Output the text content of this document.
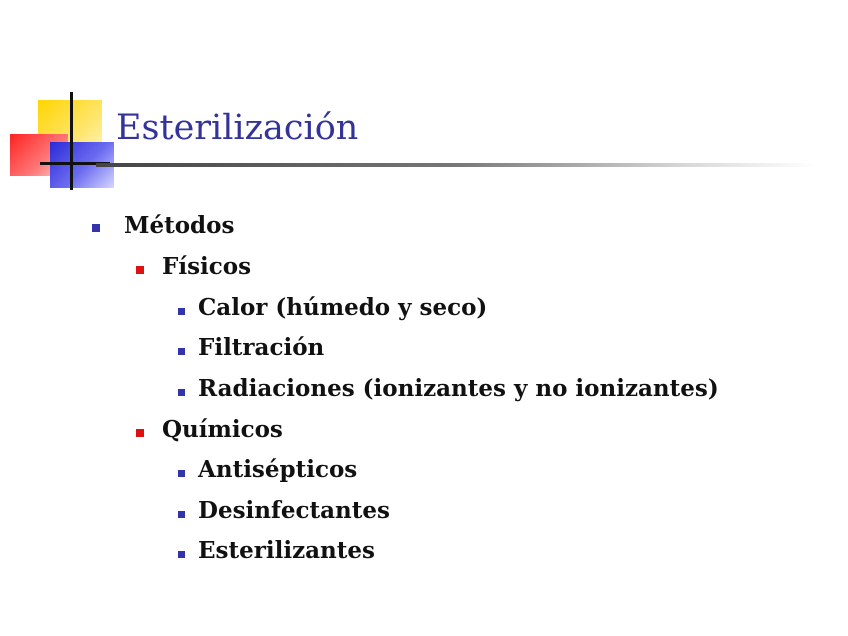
Esterilización
Métodos
Físicos
Calor (húmedo y seco)
Filtración
Radiaciones (ionizantes y no ionizantes)
Químicos
Antisépticos
Desinfectantes
Esterilizantes
